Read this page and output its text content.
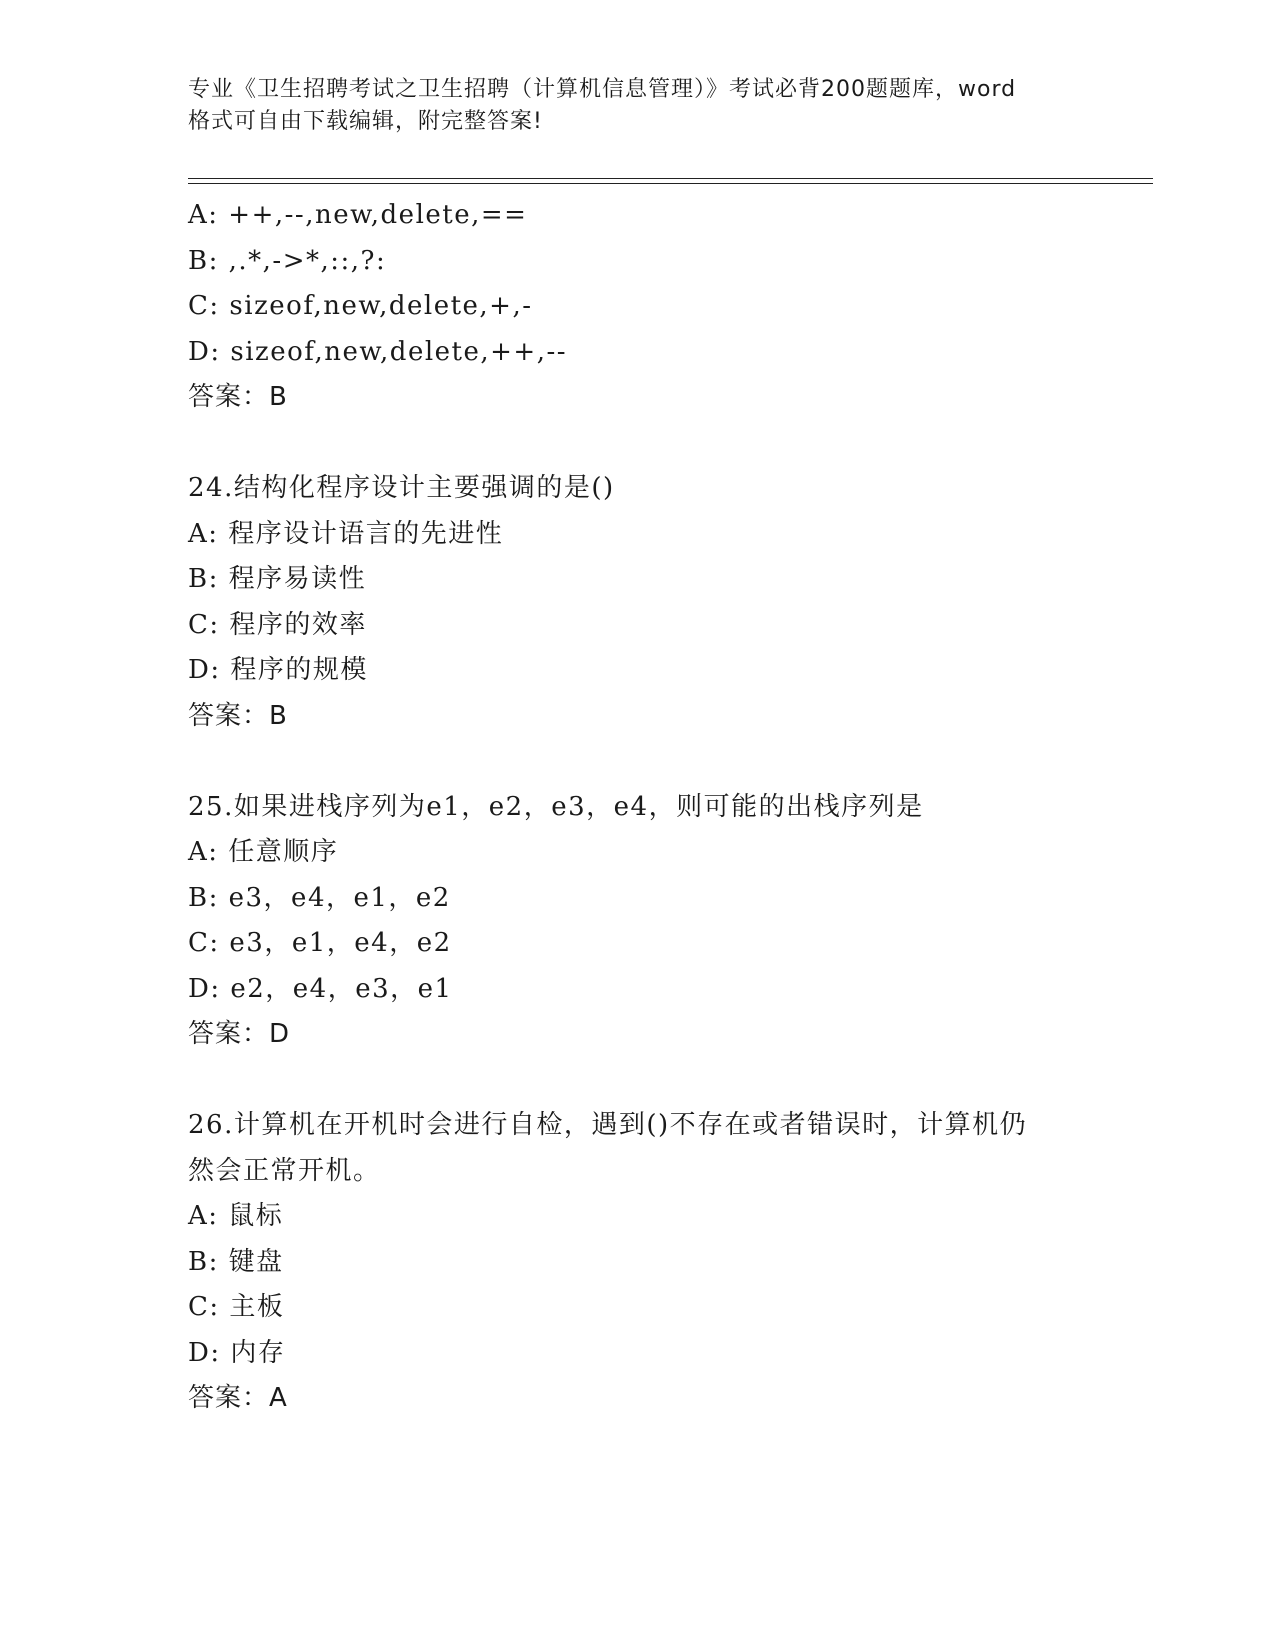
专业《卫生招聘考试之卫生招聘（计算机信息管理）》考试必背200题题库，word
格式可自由下载编辑，附完整答案!
A: ++,--,new,delete,==
B: ,.*,->*,::,?:
C: sizeof,new,delete,+,-
D: sizeof,new,delete,++,--
答案：B
24.结构化程序设计主要强调的是()
A: 程序设计语言的先进性
B: 程序易读性
C: 程序的效率
D: 程序的规模
答案：B
25.如果进栈序列为e1，e2，e3，e4，则可能的出栈序列是
A: 任意顺序
B: e3，e4，e1，e2
C: e3，e1，e4，e2
D: e2，e4，e3，e1
答案：D
26.计算机在开机时会进行自检，遇到()不存在或者错误时，计算机仍
然会正常开机。
A: 鼠标
B: 键盘
C: 主板
D: 内存
答案：A
